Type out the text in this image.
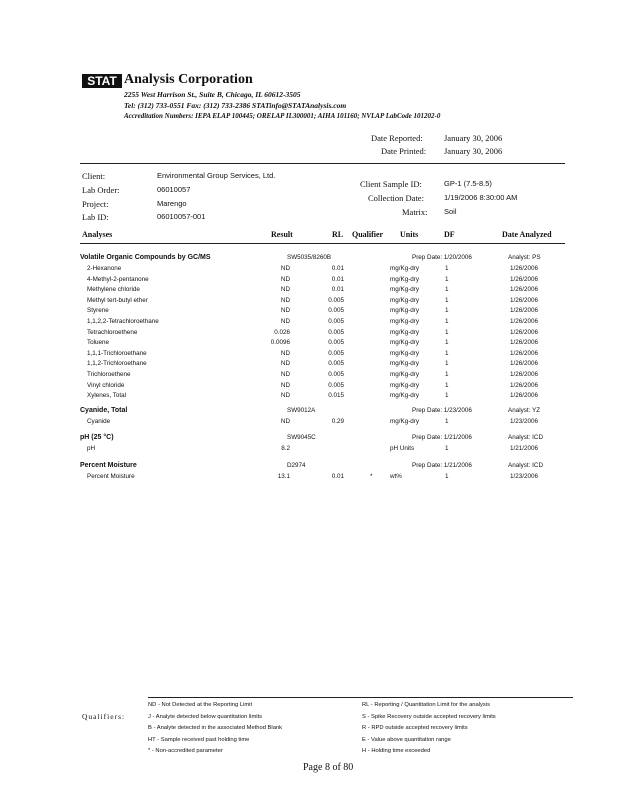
STAT Analysis Corporation
2255 West Harrison St., Suite B, Chicago, IL 60612-3505
Tel: (312) 733-0551 Fax: (312) 733-2386 STATinfo@STATAnalysis.com
Accreditation Numbers: IEPA ELAP 100445; ORELAP IL300001; AIHA 101160; NVLAP LabCode 101202-0
Date Reported:	January 30, 2006
Date Printed: January 30, 2006
Client:	Environmental Group Services, Ltd.
Lab Order:	06010057
Project:	Marengo
Lab ID:	06010057-001
Client Sample ID:	GP-1 (7.5-8.5)
Collection Date:	1/19/2006 8:30:00 AM
Matrix: Soil
Analyses	Result	RL Qualifier Units	DF	Date Analyzed
Volatile Organic Compounds by GC/MS	SW5035/8260B	Prep Date: 1/20/2006	Analyst: PS
2-Hexanone	ND	0.01	mg/Kg-dry	1	1/26/2006
4-Methyl-2-pentanone	ND	0.01	mg/Kg-dry	1	1/26/2006
Methylene chloride	ND	0.01	mg/Kg-dry	1	1/26/2006
Methyl tert-butyl ether	ND	0.005	mg/Kg-dry	1	1/26/2006
Styrene	ND	0.005	mg/Kg-dry	1	1/26/2006
1,1,2,2-Tetrachloroethane	ND	0.005	mg/Kg-dry	1	1/26/2006
Tetrachloroethene	0.026	0.005	mg/Kg-dry	1	1/26/2006
Toluene	0.0096	0.005	mg/Kg-dry	1	1/26/2006
1,1,1-Trichloroethane	ND	0.005	mg/Kg-dry	1	1/26/2006
1,1,2-Trichloroethane	ND	0.005	mg/Kg-dry	1	1/26/2006
Trichloroethene	ND	0.005	mg/Kg-dry	1	1/26/2006
Vinyl chloride	ND	0.005	mg/Kg-dry	1	1/26/2006
Xylenes, Total	ND	0.015	mg/Kg-dry	1	1/26/2006
Cyanide, Total	SW9012A	Prep Date: 1/23/2006	Analyst: YZ
Cyanide	ND	0.29	mg/Kg-dry	1	1/23/2006
pH (25 °C)	SW9045C	Prep Date: 1/21/2006	Analyst: ICD
pH	8.2	pH Units	1	1/21/2006
Percent Moisture	D2974	Prep Date: 1/21/2006	Analyst: ICD
Percent Moisture	13.1	0.01	*	wt%	1	1/23/2006
Qualifiers:
ND - Not Detected at the Reporting Limit
J - Analyte detected below quantitation limits
B - Analyte detected in the associated Method Blank
HT - Sample received past holding time
* - Non-accredited parameter
RL - Reporting / Quantitation Limit for the analysis
S - Spike Recovery outside accepted recovery limits
R - RPD outside accepted recovery limits
E - Value above quantitation range
H - Holding time exceeded
Page 8 of 80
